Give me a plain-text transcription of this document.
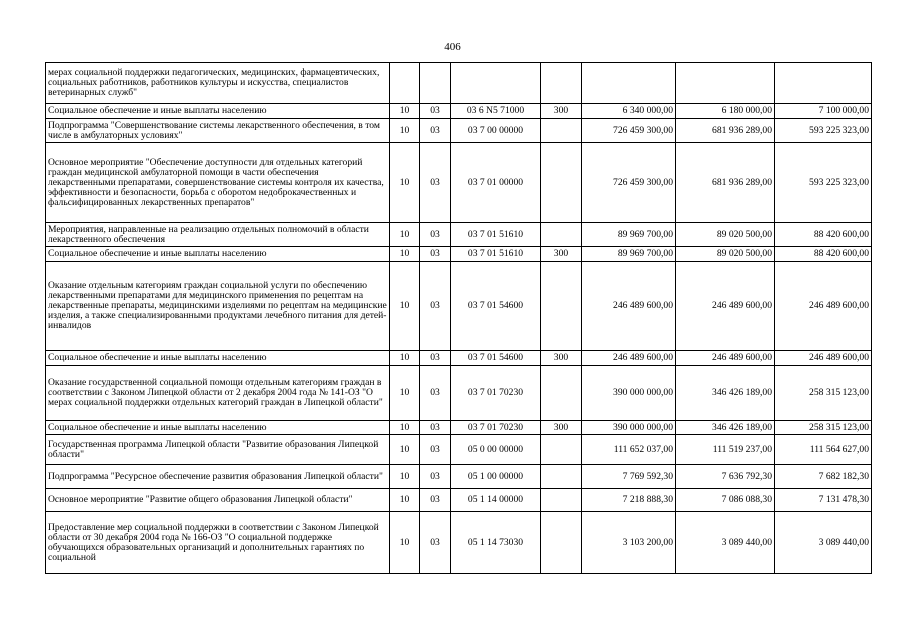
406
мерах социальной поддержки педагогических, медицинских, фармацевтических, социальных работников, работников культуры и искусства, специалистов ветеринарных служб"							
Социальное обеспечение и иные выплаты населению	10	03	03 6 N5 71000	300	6 340 000,00	6 180 000,00	7 100 000,00
Подпрограмма "Совершенствование системы лекарственного обеспечения, в том числе в амбулаторных условиях"	10	03	03 7 00 00000		726 459 300,00	681 936 289,00	593 225 323,00
Основное мероприятие "Обеспечение доступности для отдельных категорий граждан медицинской амбулаторной помощи в части обеспечения лекарственными препаратами, совершенствование системы контроля их качества, эффективности и безопасности, борьба с оборотом недоброкачественных и фальсифицированных лекарственных препаратов"	10	03	03 7 01 00000		726 459 300,00	681 936 289,00	593 225 323,00
Мероприятия, направленные на реализацию отдельных полномочий в области лекарственного обеспечения	10	03	03 7 01 51610		89 969 700,00	89 020 500,00	88 420 600,00
Социальное обеспечение и иные выплаты населению	10	03	03 7 01 51610	300	89 969 700,00	89 020 500,00	88 420 600,00
Оказание отдельным категориям граждан социальной услуги по обеспечению лекарственными препаратами для медицинского применения по рецептам на лекарственные препараты, медицинскими изделиями по рецептам на медицинские изделия, а также специализированными продуктами лечебного питания для детей-инвалидов	10	03	03 7 01 54600		246 489 600,00	246 489 600,00	246 489 600,00
Социальное обеспечение и иные выплаты населению	10	03	03 7 01 54600	300	246 489 600,00	246 489 600,00	246 489 600,00
Оказание государственной социальной помощи отдельным категориям граждан в соответствии с Законом Липецкой области от 2 декабря 2004 года № 141-ОЗ "О мерах социальной поддержки отдельных категорий граждан в Липецкой области"	10	03	03 7 01 70230		390 000 000,00	346 426 189,00	258 315 123,00
Социальное обеспечение и иные выплаты населению	10	03	03 7 01 70230	300	390 000 000,00	346 426 189,00	258 315 123,00
Государственная программа Липецкой области "Развитие образования Липецкой области"	10	03	05 0 00 00000		111 652 037,00	111 519 237,00	111 564 627,00
Подпрограмма "Ресурсное обеспечение развития образования Липецкой области"	10	03	05 1 00 00000		7 769 592,30	7 636 792,30	7 682 182,30
Основное мероприятие "Развитие общего образования Липецкой области"	10	03	05 1 14 00000		7 218 888,30	7 086 088,30	7 131 478,30
Предоставление мер социальной поддержки в соответствии с Законом Липецкой области от 30 декабря 2004 года № 166-ОЗ "О социальной поддержке обучающихся образовательных организаций и дополнительных гарантиях по социальной	10	03	05 1 14 73030		3 103 200,00	3 089 440,00	3 089 440,00
